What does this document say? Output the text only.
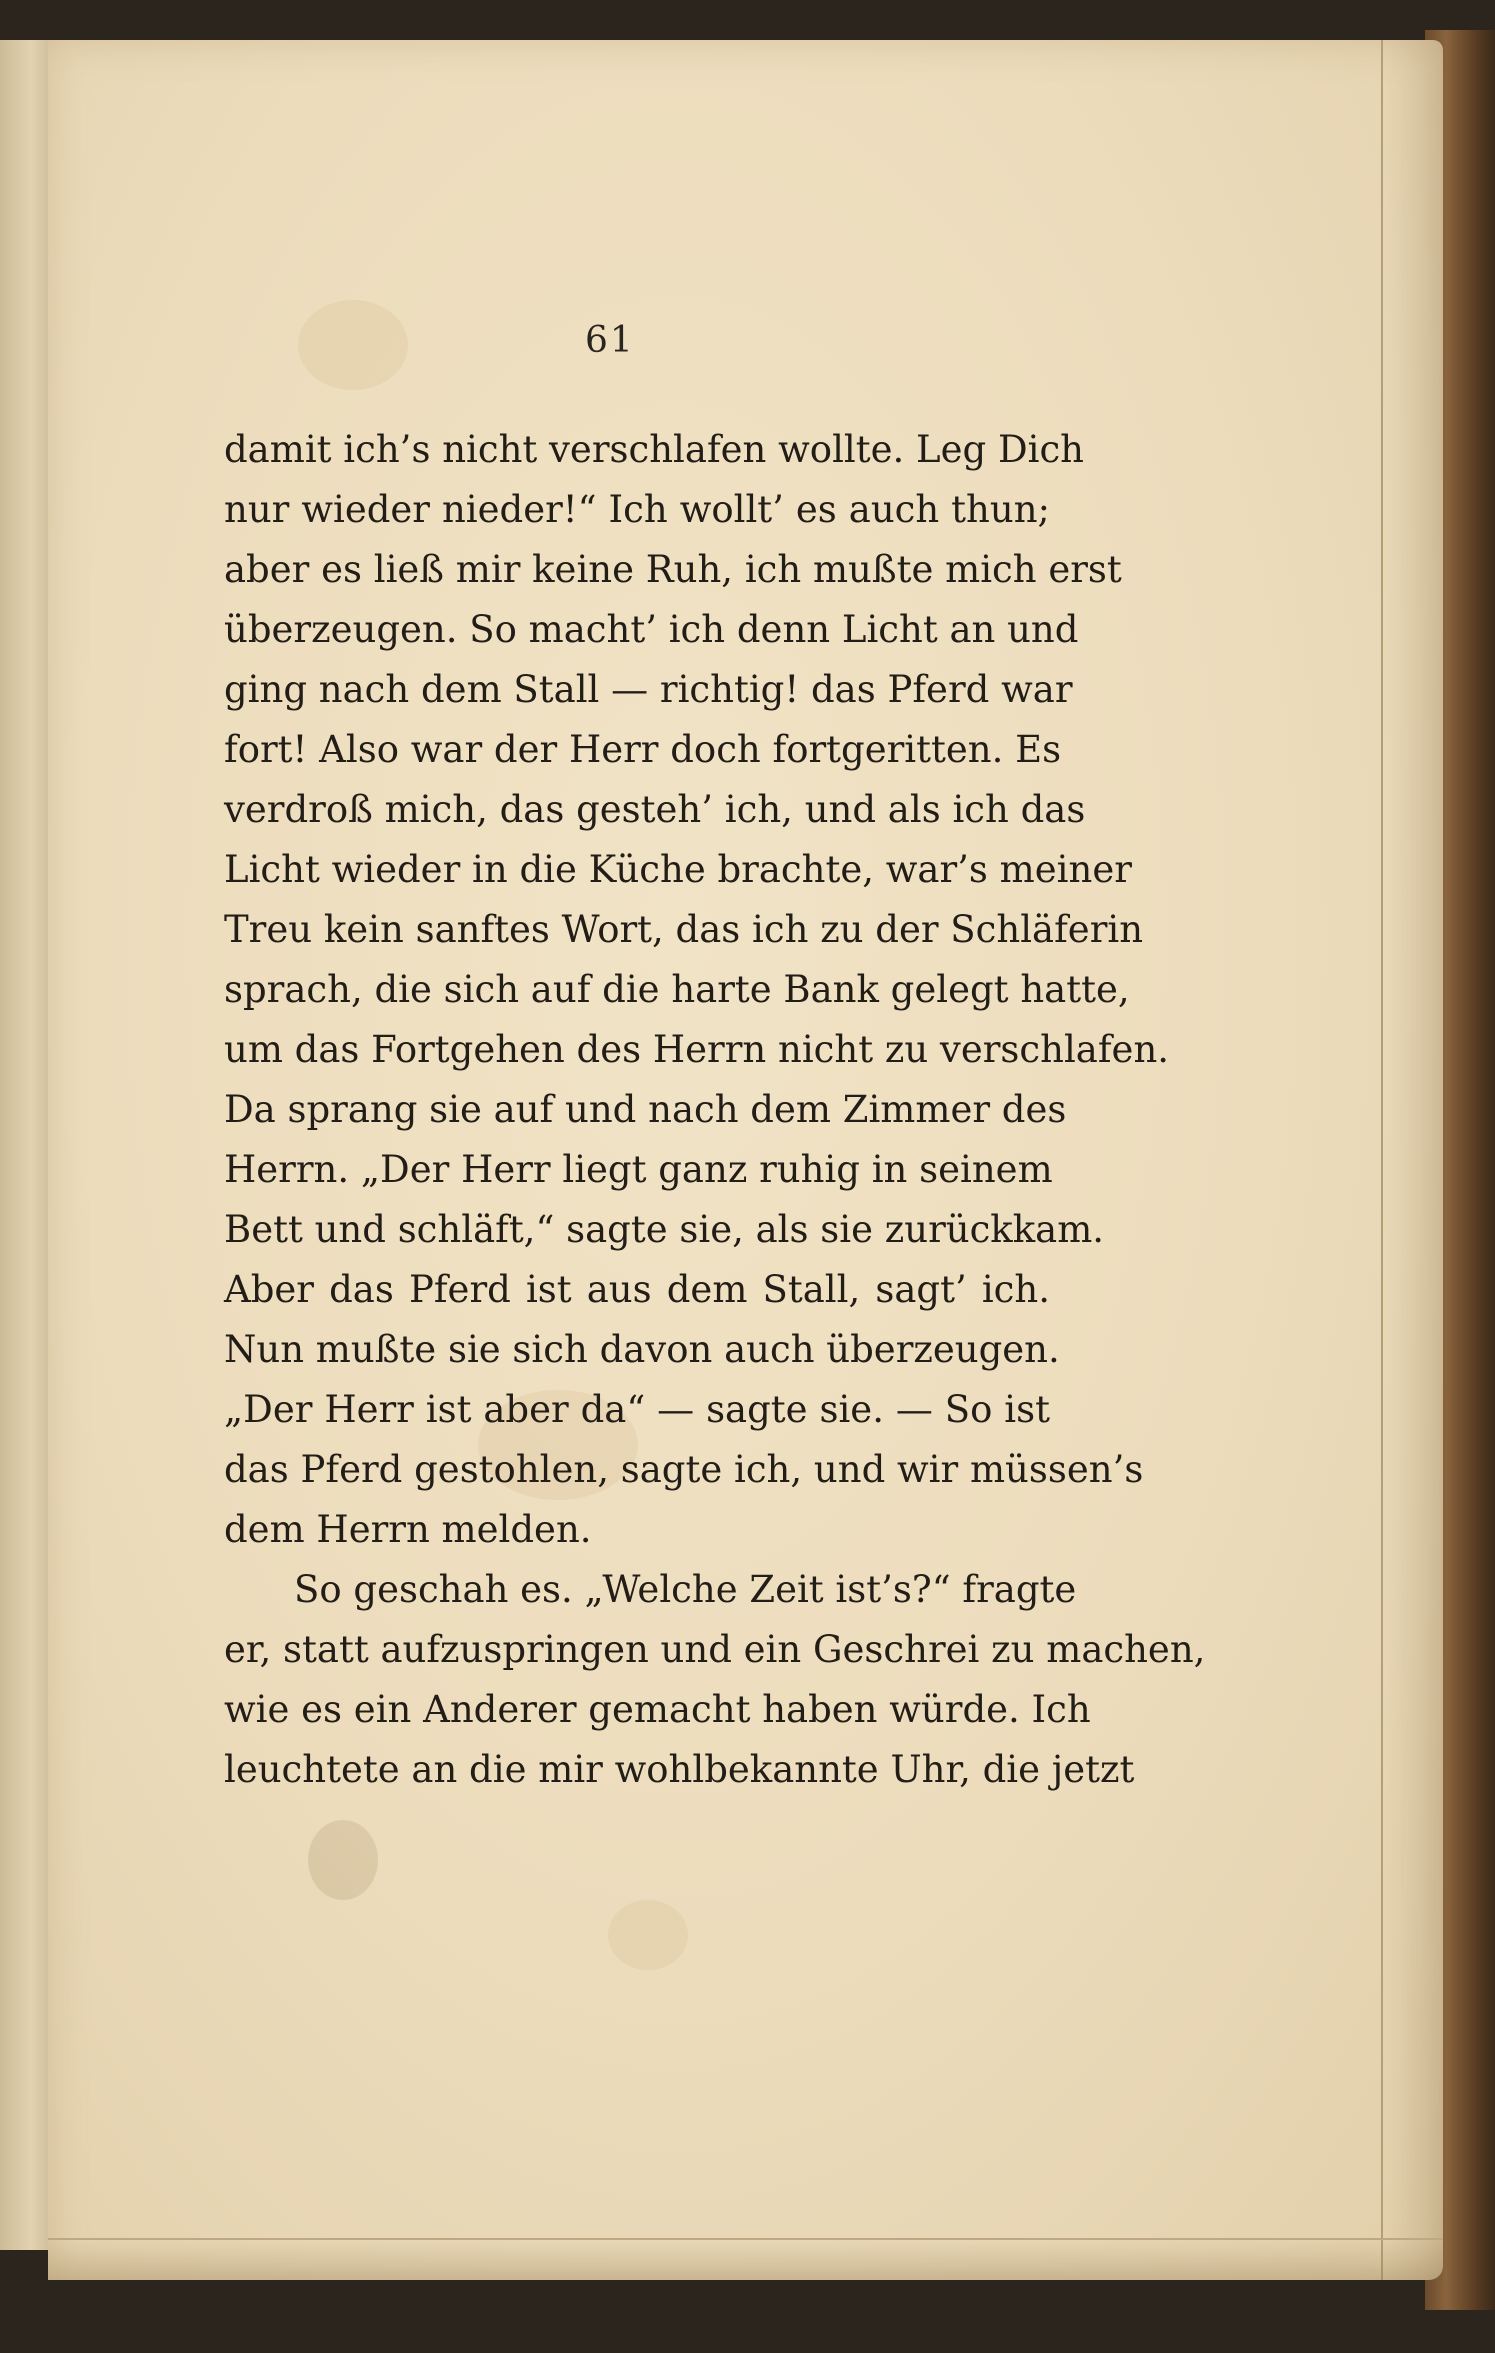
61
damit ich’s nicht verschlafen wollte. Leg Dich
nur wieder nieder!“ Ich wollt’ es auch thun;
aber es ließ mir keine Ruh, ich mußte mich erst
überzeugen. So macht’ ich denn Licht an und
ging nach dem Stall — richtig! das Pferd war
fort! Also war der Herr doch fortgeritten. Es
verdroß mich, das gesteh’ ich, und als ich das
Licht wieder in die Küche brachte, war’s meiner
Treu kein sanftes Wort, das ich zu der Schläferin
sprach, die sich auf die harte Bank gelegt hatte,
um das Fortgehen des Herrn nicht zu verschlafen.
Da sprang sie auf und nach dem Zimmer des
Herrn. „Der Herr liegt ganz ruhig in seinem
Bett und schläft,“ sagte sie, als sie zurückkam.
Aber das Pferd ist aus dem Stall, sagt’ ich.
Nun mußte sie sich davon auch überzeugen.
„Der Herr ist aber da“ — sagte sie. — So ist
das Pferd gestohlen, sagte ich, und wir müssen’s
dem Herrn melden.
So geschah es. „Welche Zeit ist’s?“ fragte
er, statt aufzuspringen und ein Geschrei zu machen,
wie es ein Anderer gemacht haben würde. Ich
leuchtete an die mir wohlbekannte Uhr, die jetzt
